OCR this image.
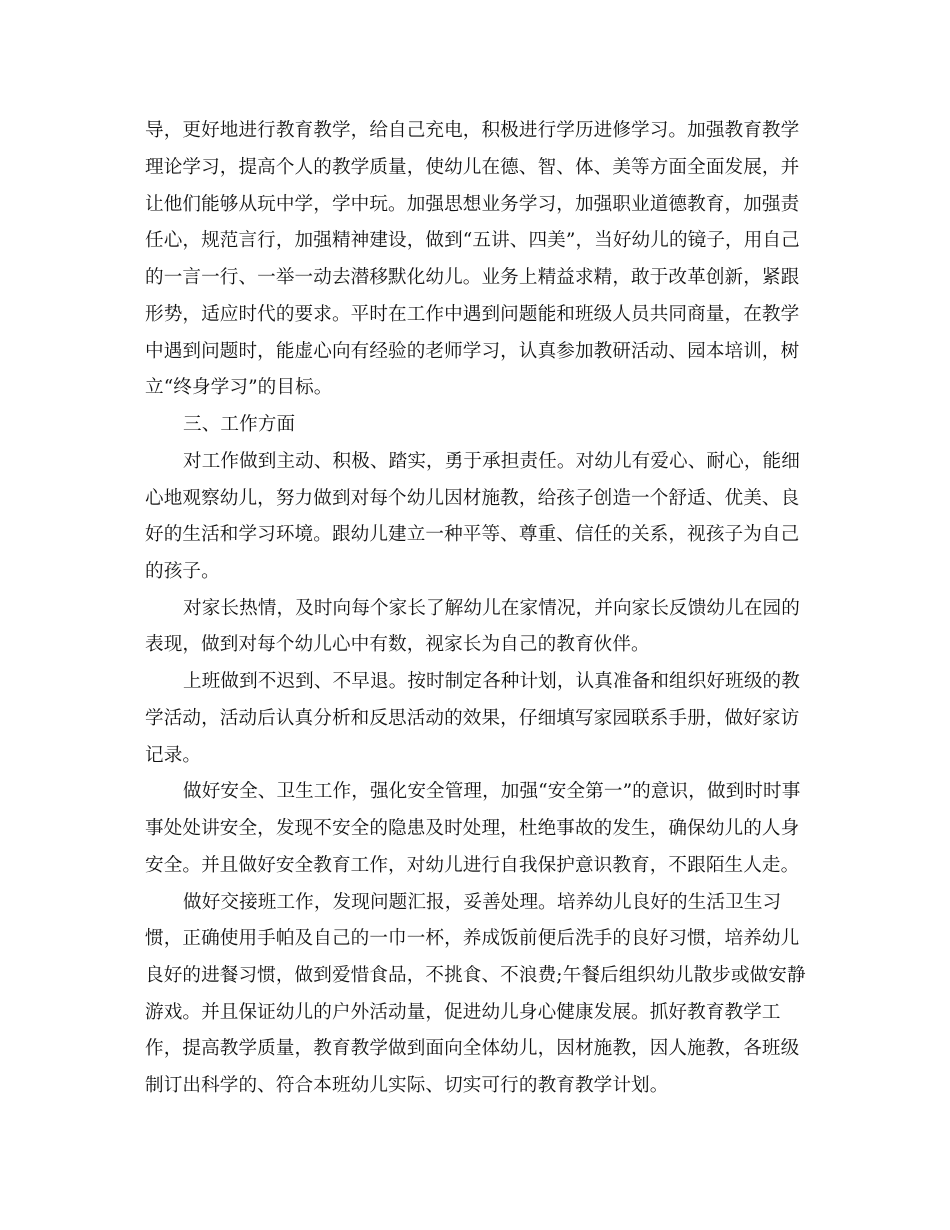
导，更好地进行教育教学，给自己充电，积极进行学历进修学习。加强教育教学
理论学习，提高个人的教学质量，使幼儿在德、智、体、美等方面全面发展，并
让他们能够从玩中学，学中玩。加强思想业务学习，加强职业道德教育，加强责
任心，规范言行，加强精神建设，做到“五讲、四美”，当好幼儿的镜子，用自己
的一言一行、一举一动去潜移默化幼儿。业务上精益求精，敢于改革创新，紧跟
形势，适应时代的要求。平时在工作中遇到问题能和班级人员共同商量，在教学
中遇到问题时，能虚心向有经验的老师学习，认真参加教研活动、园本培训，树
立“终身学习”的目标。
三、工作方面
对工作做到主动、积极、踏实，勇于承担责任。对幼儿有爱心、耐心，能细
心地观察幼儿，努力做到对每个幼儿因材施教，给孩子创造一个舒适、优美、良
好的生活和学习环境。跟幼儿建立一种平等、尊重、信任的关系，视孩子为自己
的孩子。
对家长热情，及时向每个家长了解幼儿在家情况，并向家长反馈幼儿在园的
表现，做到对每个幼儿心中有数，视家长为自己的教育伙伴。
上班做到不迟到、不早退。按时制定各种计划，认真准备和组织好班级的教
学活动，活动后认真分析和反思活动的效果，仔细填写家园联系手册，做好家访
记录。
做好安全、卫生工作，强化安全管理，加强“安全第一”的意识，做到时时事
事处处讲安全，发现不安全的隐患及时处理，杜绝事故的发生，确保幼儿的人身
安全。并且做好安全教育工作，对幼儿进行自我保护意识教育，不跟陌生人走。
做好交接班工作，发现问题汇报，妥善处理。培养幼儿良好的生活卫生习
惯，正确使用手帕及自己的一巾一杯，养成饭前便后洗手的良好习惯，培养幼儿
良好的进餐习惯，做到爱惜食品，不挑食、不浪费;午餐后组织幼儿散步或做安静
游戏。并且保证幼儿的户外活动量，促进幼儿身心健康发展。抓好教育教学工
作，提高教学质量，教育教学做到面向全体幼儿，因材施教，因人施教，各班级
制订出科学的、符合本班幼儿实际、切实可行的教育教学计划。
